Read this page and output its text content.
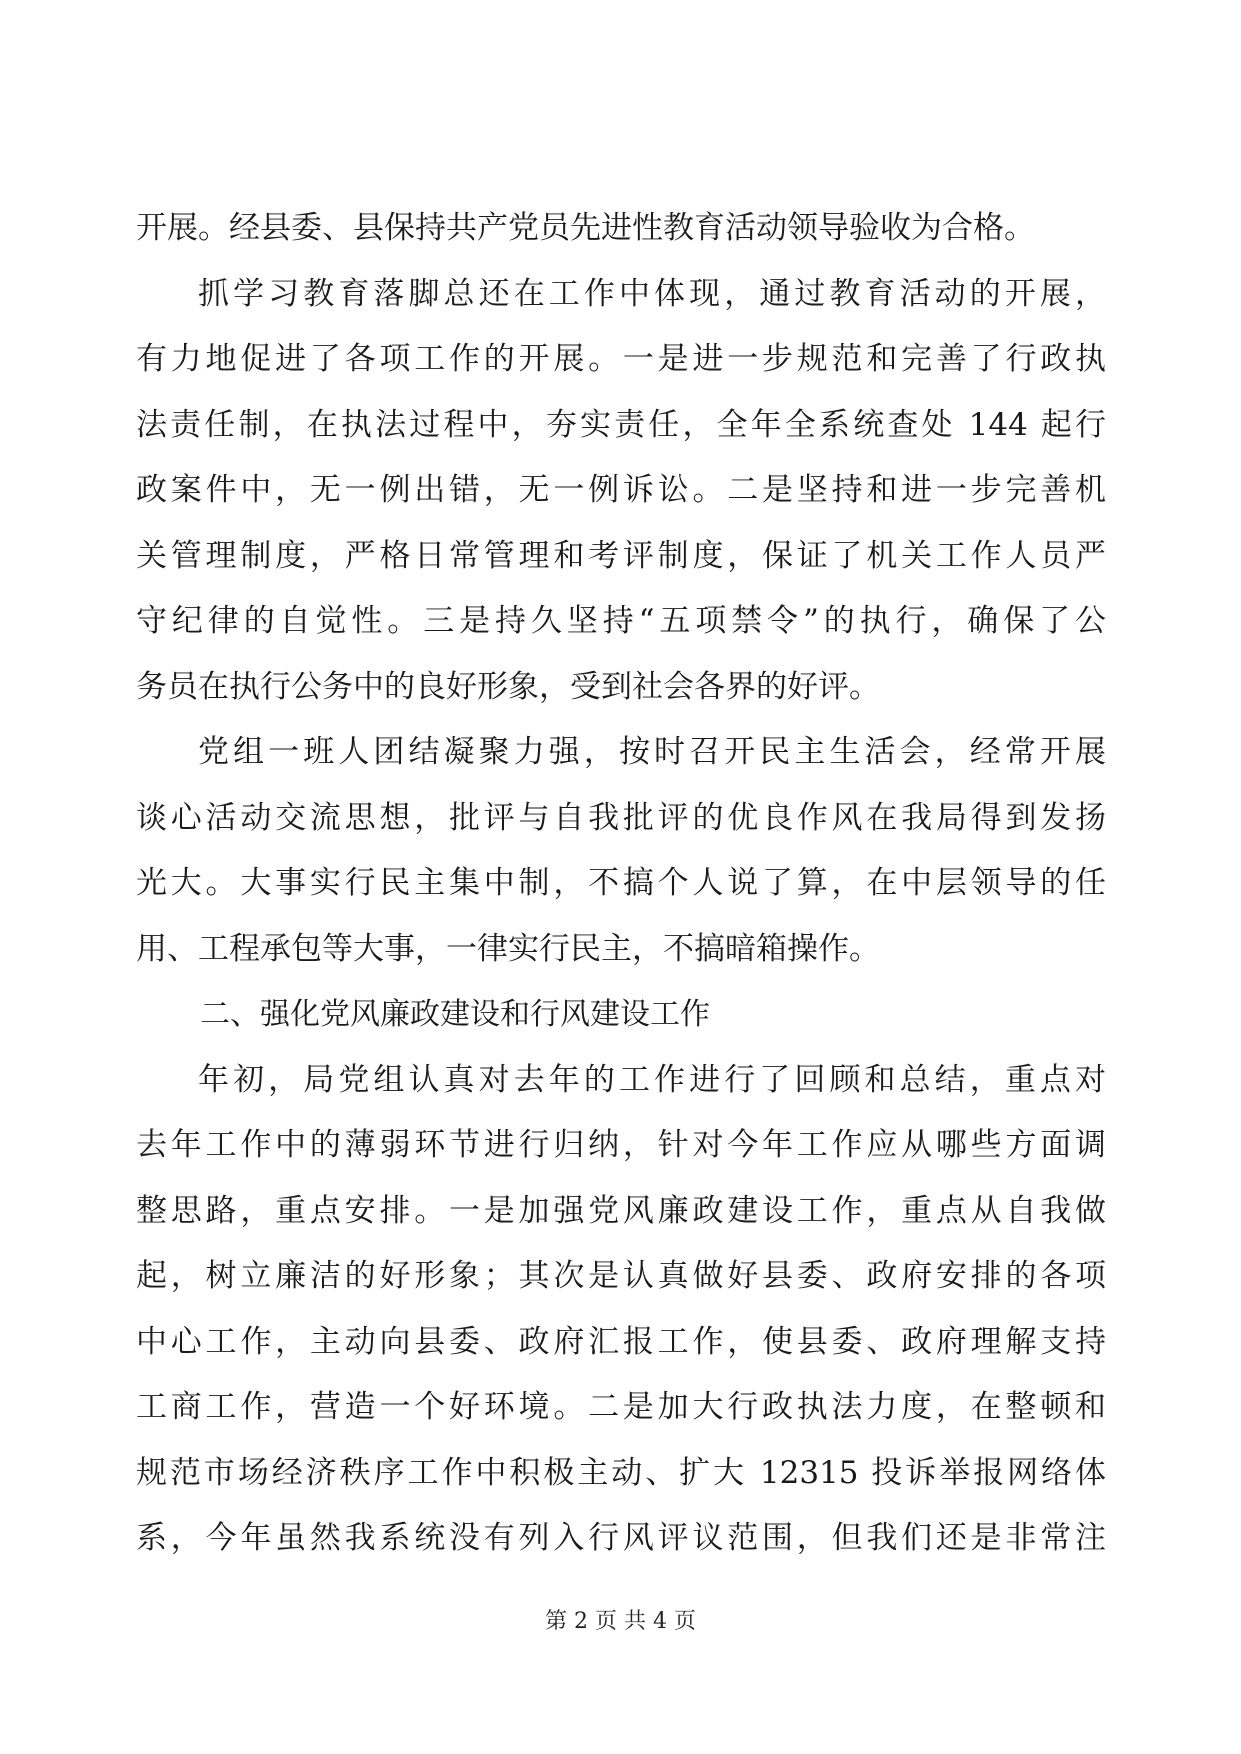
开展。经县委、县保持共产党员先进性教育活动领导验收为合格。
抓学习教育落脚总还在工作中体现，通过教育活动的开展，
有力地促进了各项工作的开展。一是进一步规范和完善了行政执
法责任制，在执法过程中，夯实责任，全年全系统查处 144 起行
政案件中，无一例出错，无一例诉讼。二是坚持和进一步完善机
关管理制度，严格日常管理和考评制度，保证了机关工作人员严
守纪律的自觉性。三是持久坚持“五项禁令”的执行，确保了公
务员在执行公务中的良好形象，受到社会各界的好评。
党组一班人团结凝聚力强，按时召开民主生活会，经常开展
谈心活动交流思想，批评与自我批评的优良作风在我局得到发扬
光大。大事实行民主集中制，不搞个人说了算，在中层领导的任
用、工程承包等大事，一律实行民主，不搞暗箱操作。
二、强化党风廉政建设和行风建设工作
年初，局党组认真对去年的工作进行了回顾和总结，重点对
去年工作中的薄弱环节进行归纳，针对今年工作应从哪些方面调
整思路，重点安排。一是加强党风廉政建设工作，重点从自我做
起，树立廉洁的好形象；其次是认真做好县委、政府安排的各项
中心工作，主动向县委、政府汇报工作，使县委、政府理解支持
工商工作，营造一个好环境。二是加大行政执法力度，在整顿和
规范市场经济秩序工作中积极主动、扩大 12315 投诉举报网络体
系，今年虽然我系统没有列入行风评议范围，但我们还是非常注
第 2 页 共 4 页
